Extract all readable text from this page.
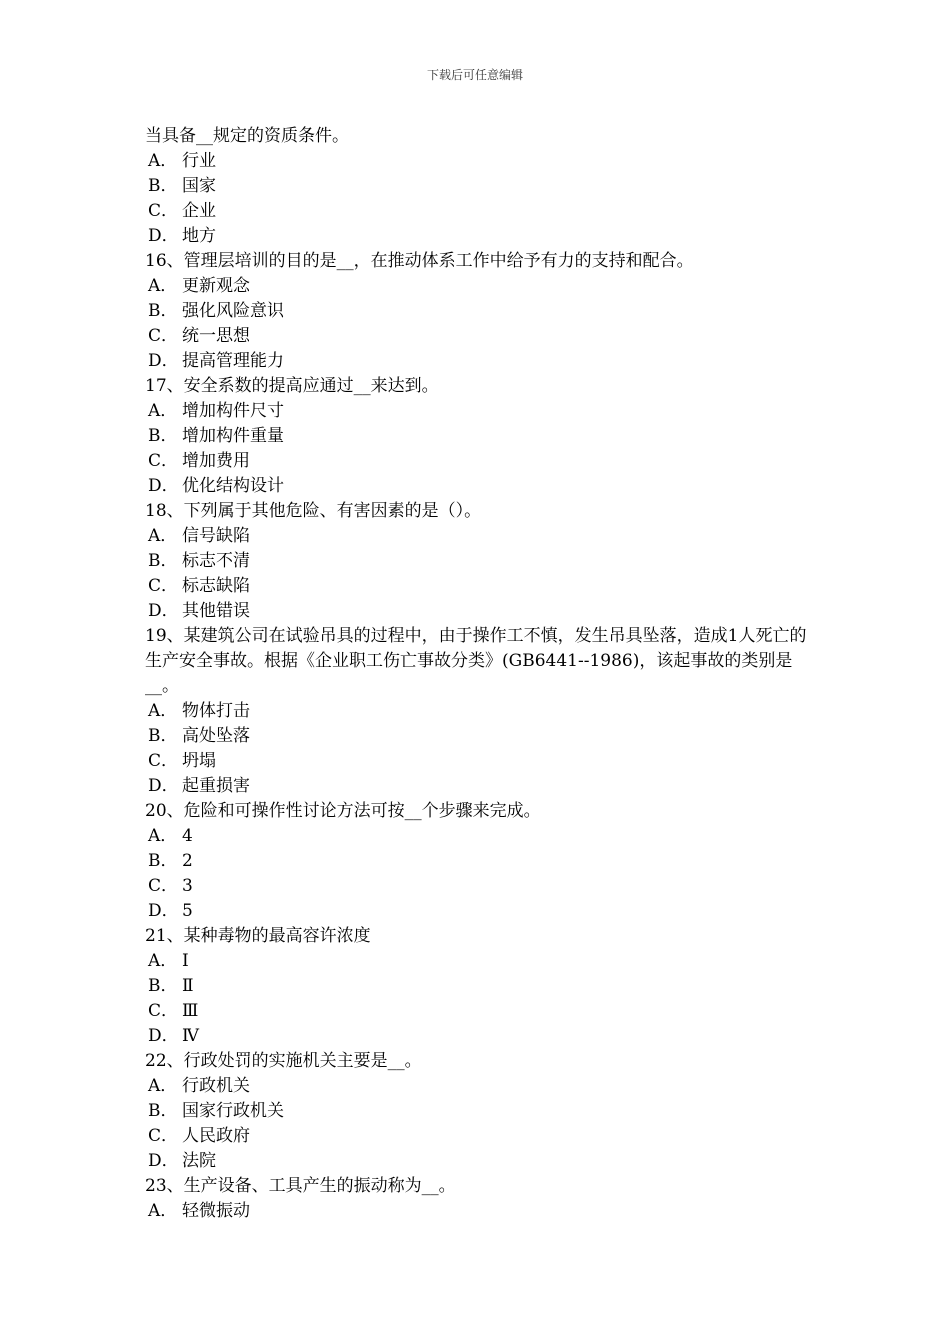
下载后可任意编辑
当具备__规定的资质条件。
A． 行业
B． 国家
C． 企业
D． 地方
16、管理层培训的目的是__，在推动体系工作中给予有力的支持和配合。
A． 更新观念
B． 强化风险意识
C． 统一思想
D． 提高管理能力
17、安全系数的提高应通过__来达到。
A． 增加构件尺寸
B． 增加构件重量
C． 增加费用
D． 优化结构设计
18、下列属于其他危险、有害因素的是（）。
A． 信号缺陷
B． 标志不清
C． 标志缺陷
D． 其他错误
19、某建筑公司在试验吊具的过程中，由于操作工不慎，发生吊具坠落，造成1人死亡的生产安全事故。根据《企业职工伤亡事故分类》(GB6441--1986)，该起事故的类别是__。
A． 物体打击
B． 高处坠落
C． 坍塌
D． 起重损害
20、危险和可操作性讨论方法可按__个步骤来完成。
A． 4
B． 2
C． 3
D． 5
21、某种毒物的最高容许浓度
A． Ⅰ
B． Ⅱ
C． Ⅲ
D． Ⅳ
22、行政处罚的实施机关主要是__。
A． 行政机关
B． 国家行政机关
C． 人民政府
D． 法院
23、生产设备、工具产生的振动称为__。
A． 轻微振动
